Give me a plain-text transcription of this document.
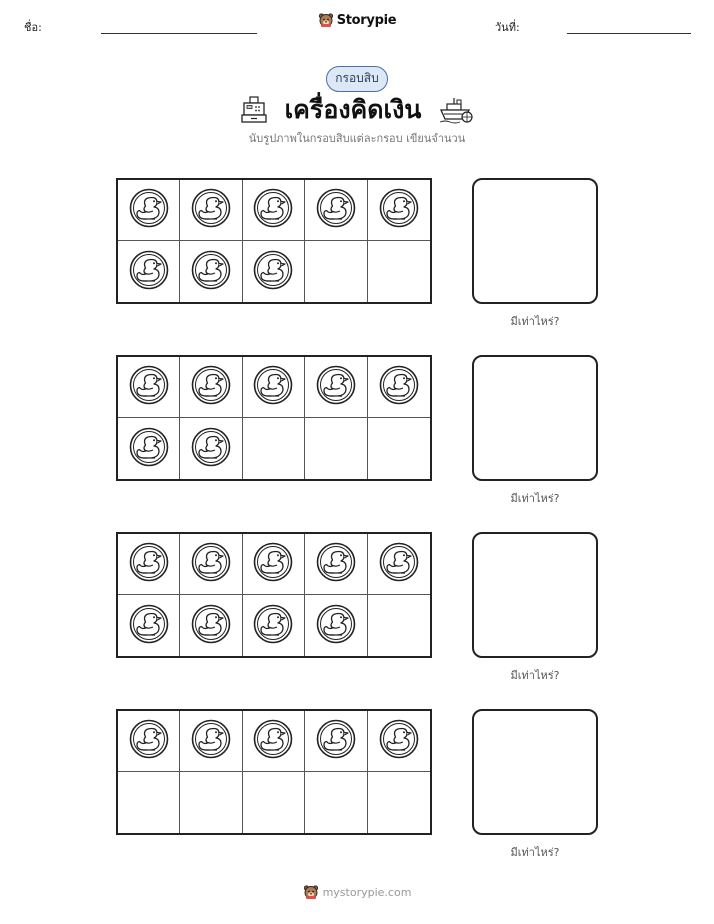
ชื่อ:	Storypie	วันที่:
กรอบสิบ
เครื่องคิดเงิน
นับรูปภาพในกรอบสิบแต่ละกรอบ เขียนจำนวน
มีเท่าไหร่?
มีเท่าไหร่?
มีเท่าไหร่?
มีเท่าไหร่?
mystorypie.com
